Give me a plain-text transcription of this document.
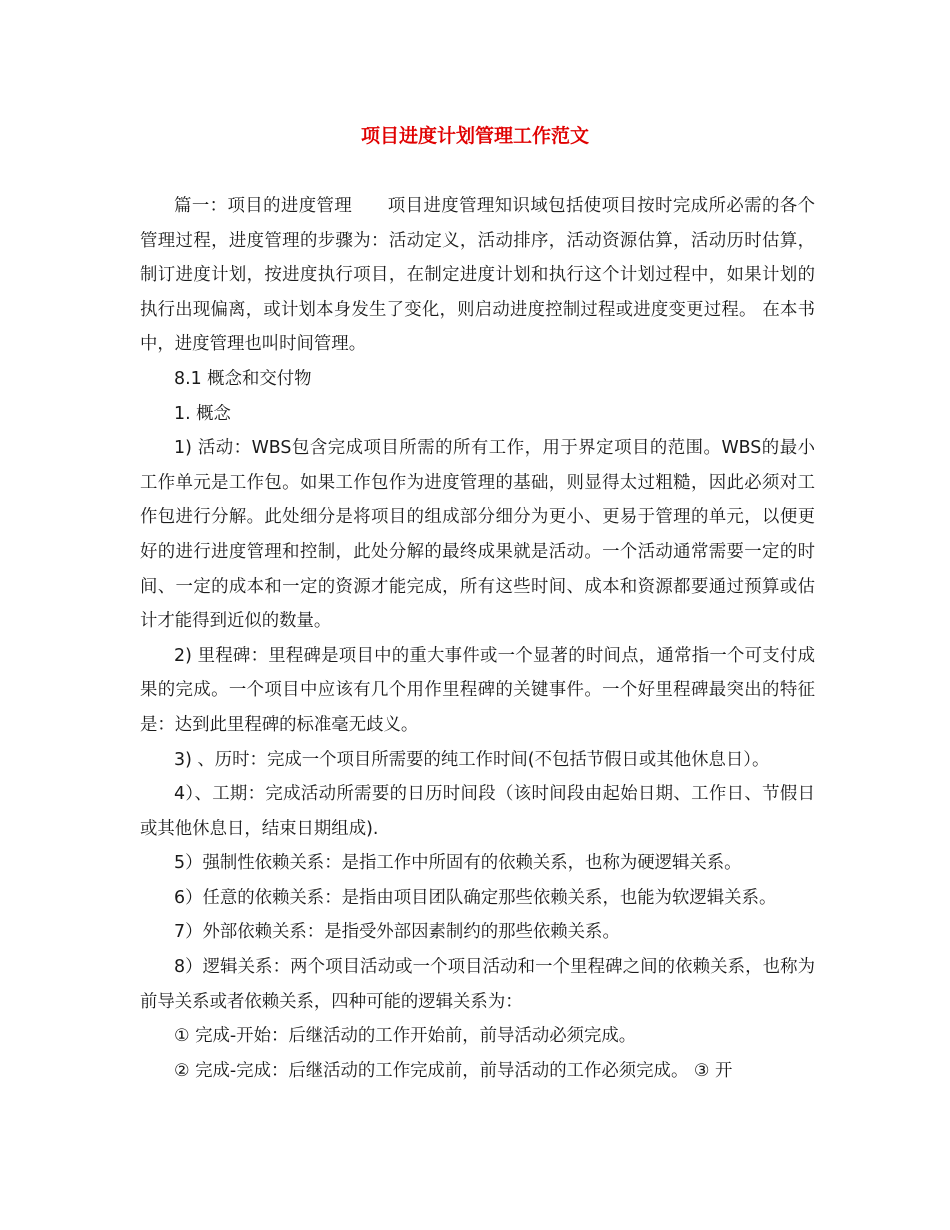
项目进度计划管理工作范文

篇一：项目的进度管理　　项目进度管理知识域包括使项目按时完成所必需的各个管理过程，进度管理的步骤为：活动定义，活动排序，活动资源估算，活动历时估算，制订进度计划，按进度执行项目，在制定进度计划和执行这个计划过程中，如果计划的执行出现偏离，或计划本身发生了变化，则启动进度控制过程或进度变更过程。 在本书中，进度管理也叫时间管理。

8.1 概念和交付物

1. 概念

1) 活动：WBS包含完成项目所需的所有工作，用于界定项目的范围。WBS的最小工作单元是工作包。如果工作包作为进度管理的基础，则显得太过粗糙，因此必须对工作包进行分解。此处细分是将项目的组成部分细分为更小、更易于管理的单元，以便更好的进行进度管理和控制，此处分解的最终成果就是活动。一个活动通常需要一定的时间、一定的成本和一定的资源才能完成，所有这些时间、成本和资源都要通过预算或估计才能得到近似的数量。

2) 里程碑：里程碑是项目中的重大事件或一个显著的时间点，通常指一个可支付成果的完成。一个项目中应该有几个用作里程碑的关键事件。一个好里程碑最突出的特征是：达到此里程碑的标准毫无歧义。

3) 、历时：完成一个项目所需要的纯工作时间(不包括节假日或其他休息日）。

4）、工期：完成活动所需要的日历时间段（该时间段由起始日期、工作日、节假日或其他休息日，结束日期组成).

5）强制性依赖关系：是指工作中所固有的依赖关系，也称为硬逻辑关系。

6）任意的依赖关系：是指由项目团队确定那些依赖关系，也能为软逻辑关系。

7）外部依赖关系：是指受外部因素制约的那些依赖关系。

8）逻辑关系：两个项目活动或一个项目活动和一个里程碑之间的依赖关系，也称为前导关系或者依赖关系，四种可能的逻辑关系为：

① 完成-开始：后继活动的工作开始前，前导活动必须完成。

② 完成-完成：后继活动的工作完成前，前导活动的工作必须完成。 ③ 开
